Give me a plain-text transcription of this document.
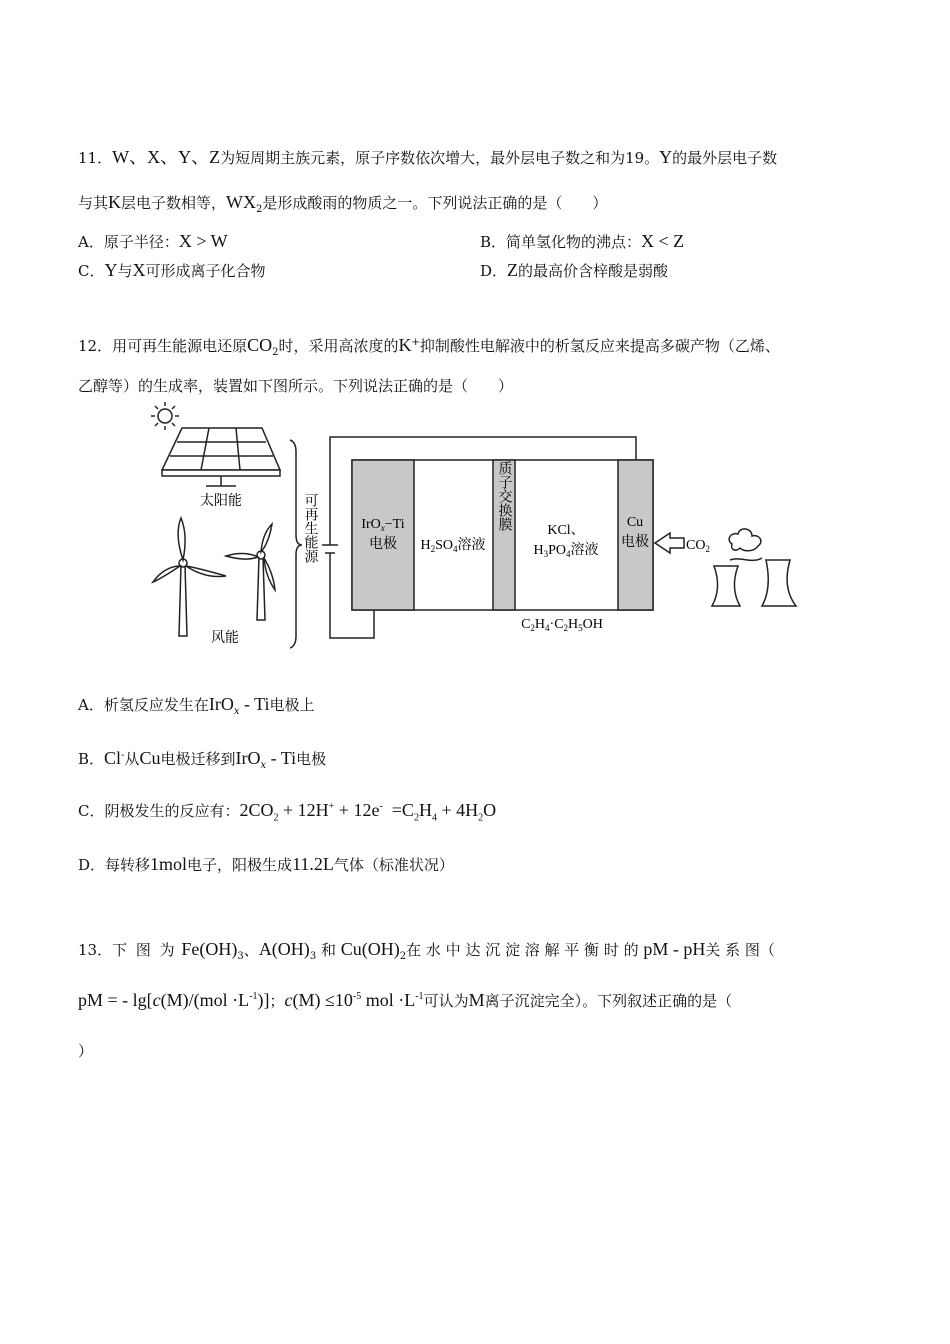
11．W、X、Y、Z为短周期主族元素，原子序数依次增大，最外层电子数之和为19。Y的最外层电子数
与其K层电子数相等，$WX_2$是形成酸雨的物质之一。下列说法正确的是（　　）
A．原子半径：X > W	B．简单氢化物的沸点：X < Z
C．Y与X可形成离子化合物	D．Z的最高价含梓酸是弱酸
12．用可再生能源电还原$CO_2$时，采用高浓度的K+抑制酸性电解液中的析氢反应来提高多碳产物（乙烯、
乙醇等）的生成率，装置如下图所示。下列说法正确的是（　　）
太阳能
风能
可再生能源	IrO$_x$−Ti
电极 $H_2SO_4$溶液
质子交换膜	KCl、
$H_3PO_4$溶液
Cu
电极	$CO_2$
$C_2H_4\cdot C_2H_5OH$
A．析氢反应发生在IrO$_x$ - Ti电极上
B．Cl-从Cu电极迁移到IrO$_x$ - Ti电极
C．阴极发生的反应有：$2CO_2 + 12H^+ + 12e^- =C_2H_4 + 4H_2O$
D．每转移1mol电子，阳极生成11.2L气体（标准状况）
13．下 图 为 $Fe(OH)_3$、$A(OH)_3$ 和 $Cu(OH)_2$在 水 中 达 沉 淀 溶 解 平 衡 时 的 pM - pH关 系 图（
pM = - $\lg[c(M)/(mol \cdot L^{-1})]$；$c(M) \le 10^{-5}$ mol $\cdot L^{-1}$可认为M离子沉淀完全）。下列叙述正确的是（
）
